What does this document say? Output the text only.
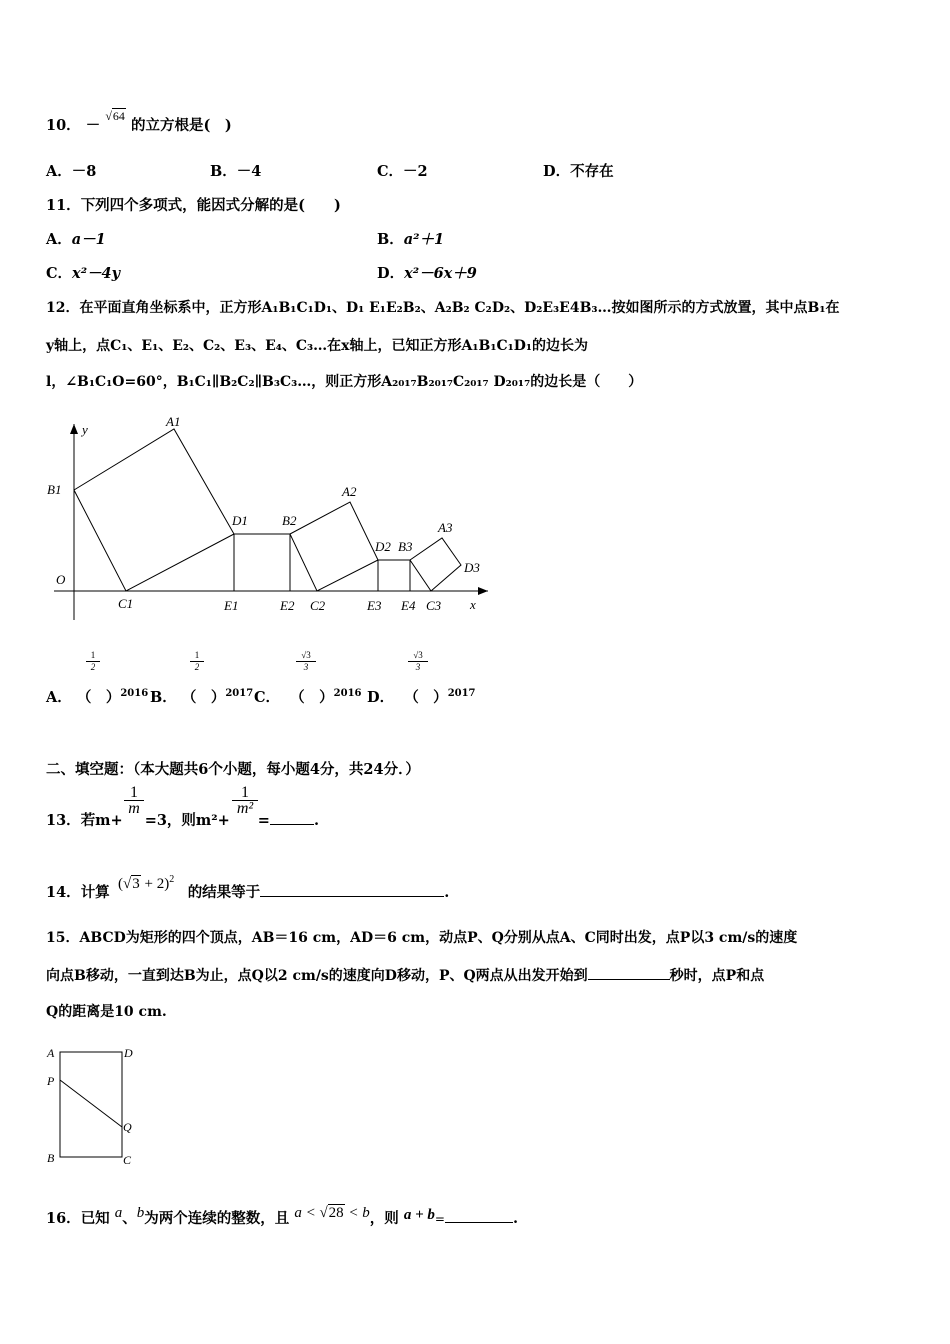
10． － $^{√64}$ 的立方根是(　)
A．－8	B．－4	C．－2	D．不存在
11．下列四个多项式，能因式分解的是(　　)
A．a－1	B．a²＋1
C．x²－4y	D．x²－6x＋9
12．在平面直角坐标系中，正方形A₁B₁C₁D₁、D₁ E₁E₂B₂、A₂B₂ C₂D₂、D₂E₃E4B₃…按如图所示的方式放置，其中点B₁在
y轴上，点C₁、E₁、E₂、C₂、E₃、E₄、C₃…在x轴上，已知正方形A₁B₁C₁D₁的边长为
l，∠B₁C₁O=60°，B₁C₁∥B₂C₂∥B₃C₃…，则正方形A₂₀₁₇B₂₀₁₇C₂₀₁₇ D₂₀₁₇的边长是（　　）
y
A1
B1
O
C1
D1
E1
B2
E2
A2
C2
D2 B3
E3 E4 C3
A3
D3
x
$\frac{1}{2}$	$\frac{1}{2}$	$\frac{√3}{3}$	$\frac{√3}{3}$
A． （　）$^{2016}$ B． （　）$^{2017}$ C． （　）$^{2016}$ D． （　）$^{2017}$
二、填空题：（本大题共6个小题，每小题4分，共24分．）
$\frac{1}{m}$	$\frac{1}{\text{m²}}$
13．若m+ =3，则m²+ =	.
$(√3 + 2)^2$
14．计算	的结果等于	.
15．ABCD为矩形的四个顶点，AB＝16 cm，AD＝6 cm，动点P、Q分别从点A、C同时出发，点P以3 cm/s的速度
向点B移动，一直到达B为止，点Q以2 cm/s的速度向D移动，P、Q两点从出发开始到	秒时，点P和点
Q的距离是10 cm.
A	D
P
Q
B	C
16．已知 a、b为两个连续的整数，且 a < √28 < b，则 a + b=	.
